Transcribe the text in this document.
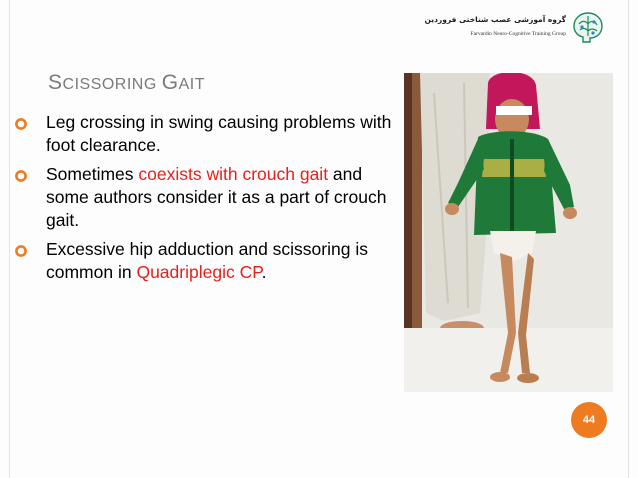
گروه آموزشی عصب شناختی فروردین
Farvardin Neuro-Cognitive Training Group
SCISSORING GAIT
Leg crossing in swing causing problems with foot clearance.
Sometimes coexists with crouch gait and some authors consider it as a part of crouch gait.
Excessive hip adduction and scissoring is common in Quadriplegic CP.
44
